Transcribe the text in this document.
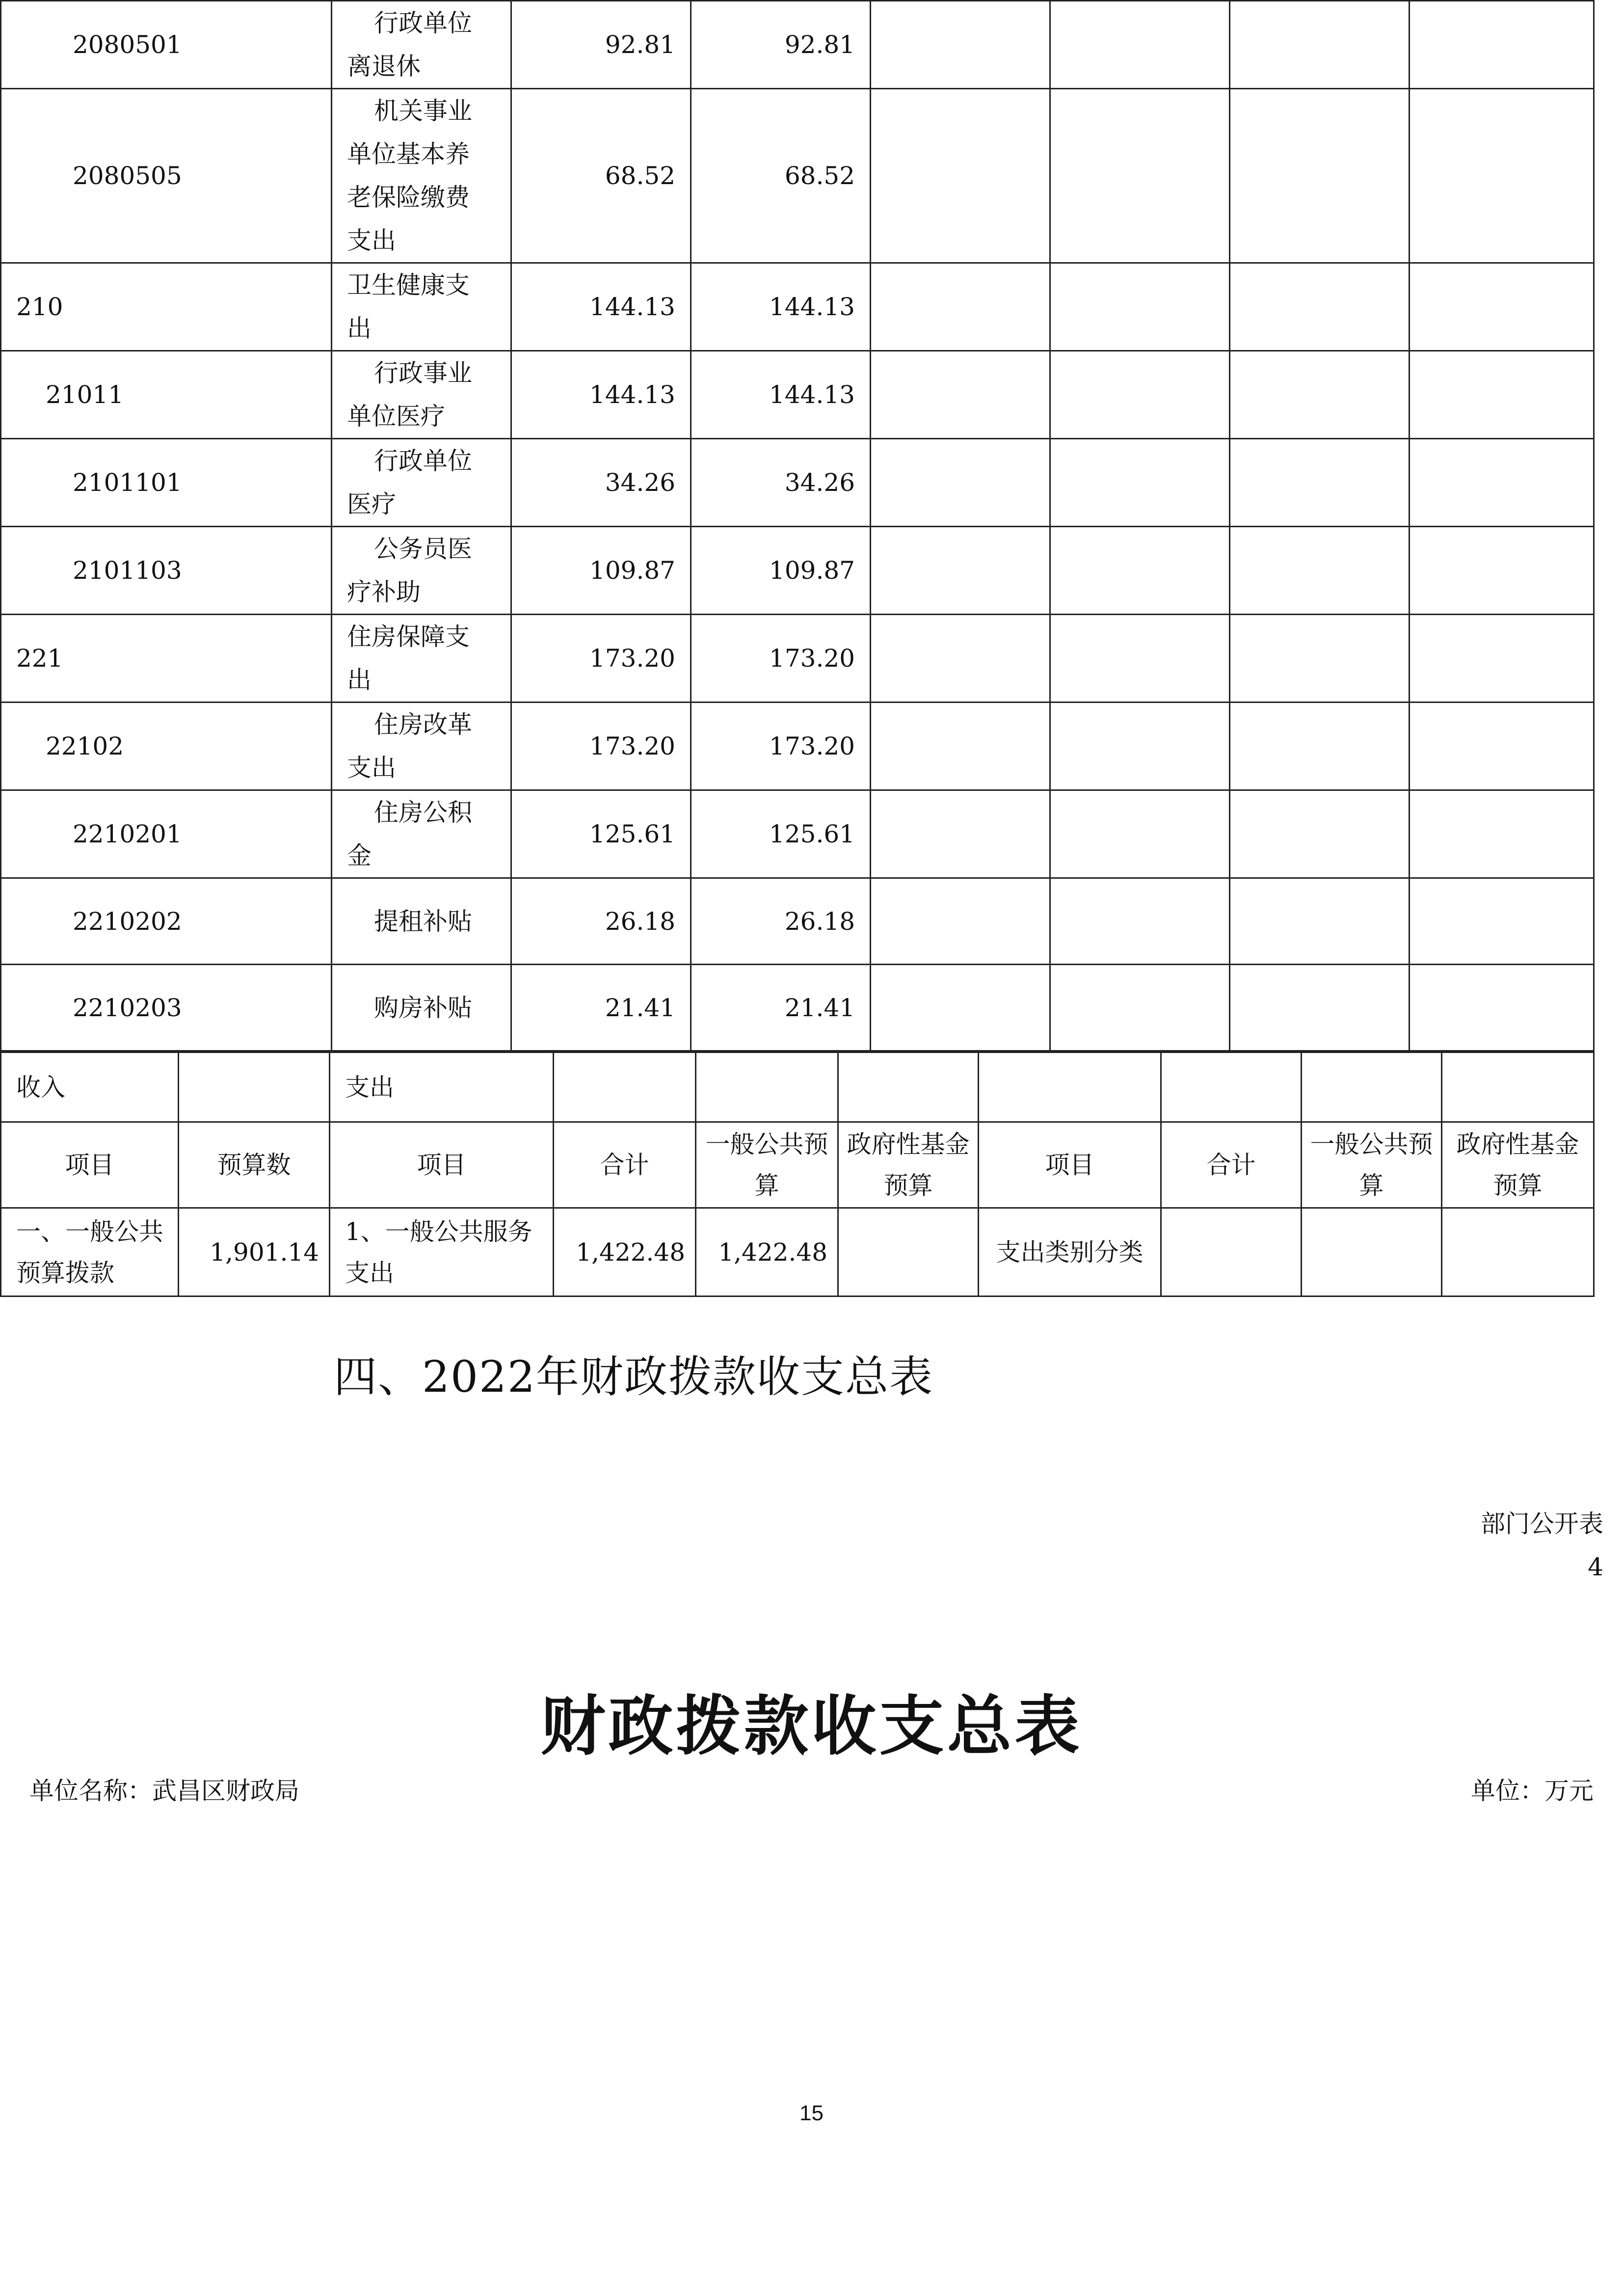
2080501	行政单位离退休	92.81	92.81				
2080505	机关事业单位基本养老保险缴费支出	68.52	68.52				
210	卫生健康支出	144.13	144.13				
21011	行政事业单位医疗	144.13	144.13				
2101101	行政单位医疗	34.26	34.26				
2101103	公务员医疗补助	109.87	109.87				
221	住房保障支出	173.20	173.20				
22102	住房改革支出	173.20	173.20				
2210201	住房公积金	125.61	125.61				
2210202	提租补贴	26.18	26.18				
2210203	购房补贴	21.41	21.41				
四、2022年财政拨款收支总表
部门公开表
4
财政拨款收支总表
单位名称：武昌区财政局	单位：万元
收入		支出							
项目	预算数	项目	合计	一般公共预算	政府性基金预算	项目	合计	一般公共预算	政府性基金预算
一、一般公共预算拨款	1,901.14	1、一般公共服务支出	1,422.48	1,422.48		支出类别分类			
15
